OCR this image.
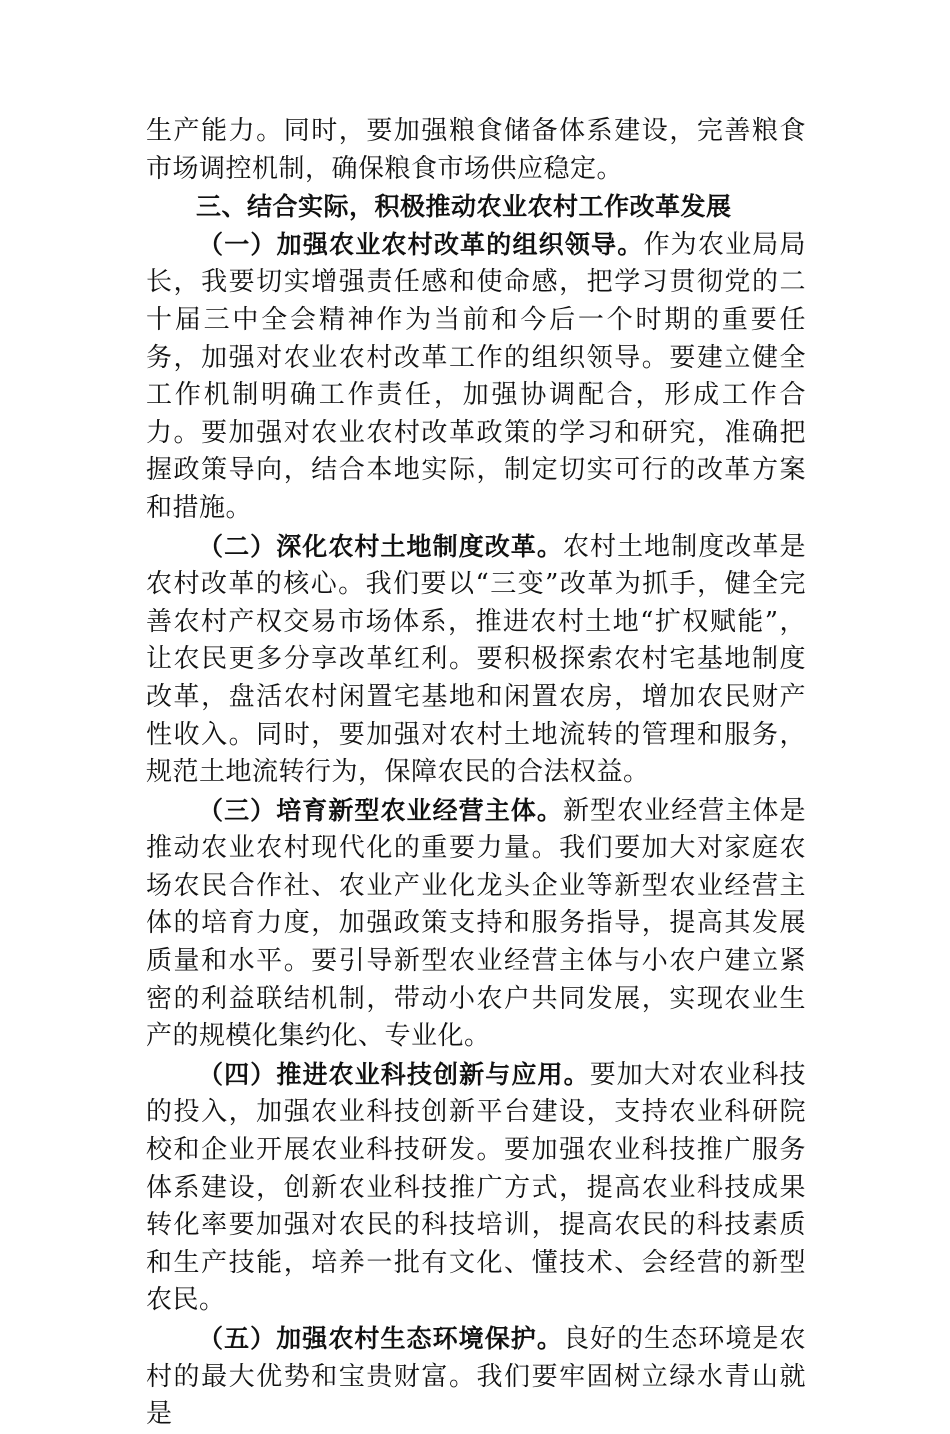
生产能力。同时，要加强粮食储备体系建设，完善粮食市场调控机制，确保粮食市场供应稳定。

三、结合实际，积极推动农业农村工作改革发展

（一）加强农业农村改革的组织领导。作为农业局局长，我要切实增强责任感和使命感，把学习贯彻党的二十届三中全会精神作为当前和今后一个时期的重要任务，加强对农业农村改革工作的组织领导。要建立健全工作机制明确工作责任，加强协调配合，形成工作合力。要加强对农业农村改革政策的学习和研究，准确把握政策导向，结合本地实际，制定切实可行的改革方案和措施。

（二）深化农村土地制度改革。农村土地制度改革是农村改革的核心。我们要以“三变”改革为抓手，健全完善农村产权交易市场体系，推进农村土地“扩权赋能”，让农民更多分享改革红利。要积极探索农村宅基地制度改革，盘活农村闲置宅基地和闲置农房，增加农民财产性收入。同时，要加强对农村土地流转的管理和服务，规范土地流转行为，保障农民的合法权益。

（三）培育新型农业经营主体。新型农业经营主体是推动农业农村现代化的重要力量。我们要加大对家庭农场农民合作社、农业产业化龙头企业等新型农业经营主体的培育力度，加强政策支持和服务指导，提高其发展质量和水平。要引导新型农业经营主体与小农户建立紧密的利益联结机制，带动小农户共同发展，实现农业生产的规模化集约化、专业化。

（四）推进农业科技创新与应用。要加大对农业科技的投入，加强农业科技创新平台建设，支持农业科研院校和企业开展农业科技研发。要加强农业科技推广服务体系建设，创新农业科技推广方式，提高农业科技成果转化率要加强对农民的科技培训，提高农民的科技素质和生产技能，培养一批有文化、懂技术、会经营的新型农民。

（五）加强农村生态环境保护。良好的生态环境是农村的最大优势和宝贵财富。我们要牢固树立绿水青山就是
